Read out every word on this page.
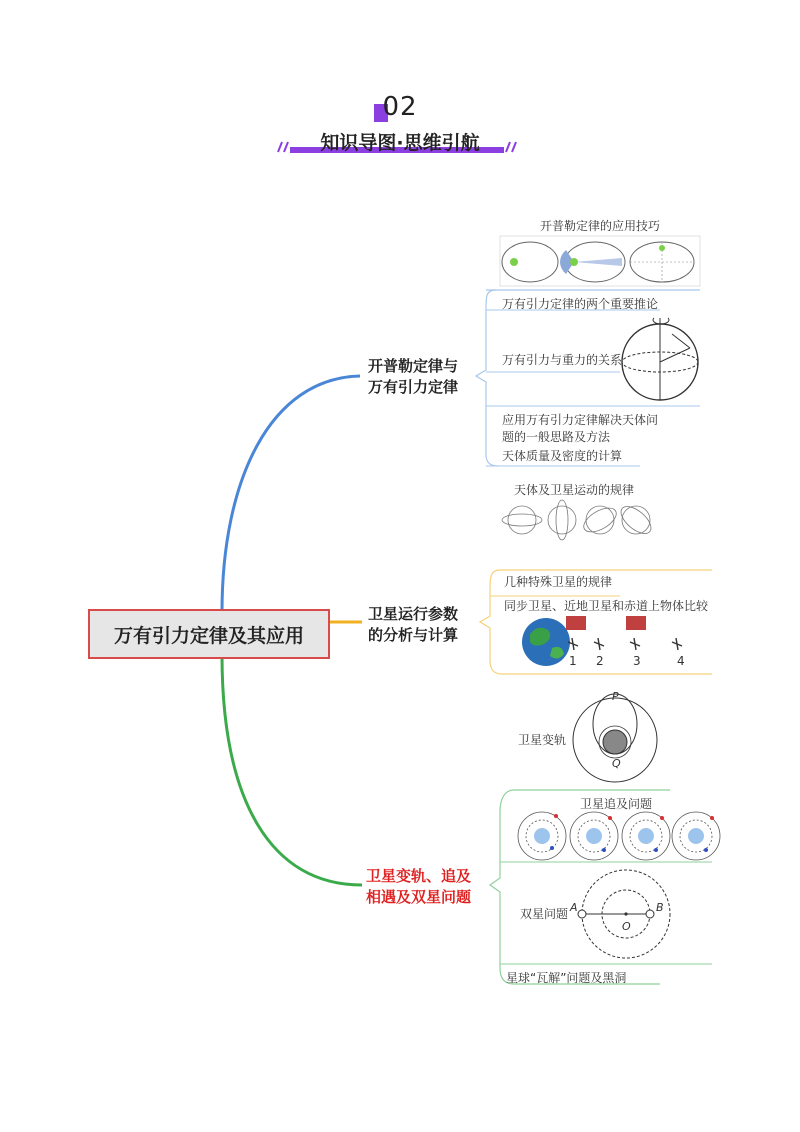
02
知识导图·思维引航
万有引力定律及其应用
开普勒定律与
万有引力定律
开普勒定律的应用技巧
万有引力定律的两个重要推论
万有引力与重力的关系
应用万有引力定律解决天体问
题的一般思路及方法
天体质量及密度的计算
卫星运行参数
的分析与计算
天体及卫星运动的规律
几种特殊卫星的规律
同步卫星、近地卫星和赤道上物体比较
1 2 3	4
卫星变轨、追及
相遇及双星问题
卫星变轨
P
Q
卫星追及问题
双星问题 A	B
O
星球“瓦解”问题及黑洞
